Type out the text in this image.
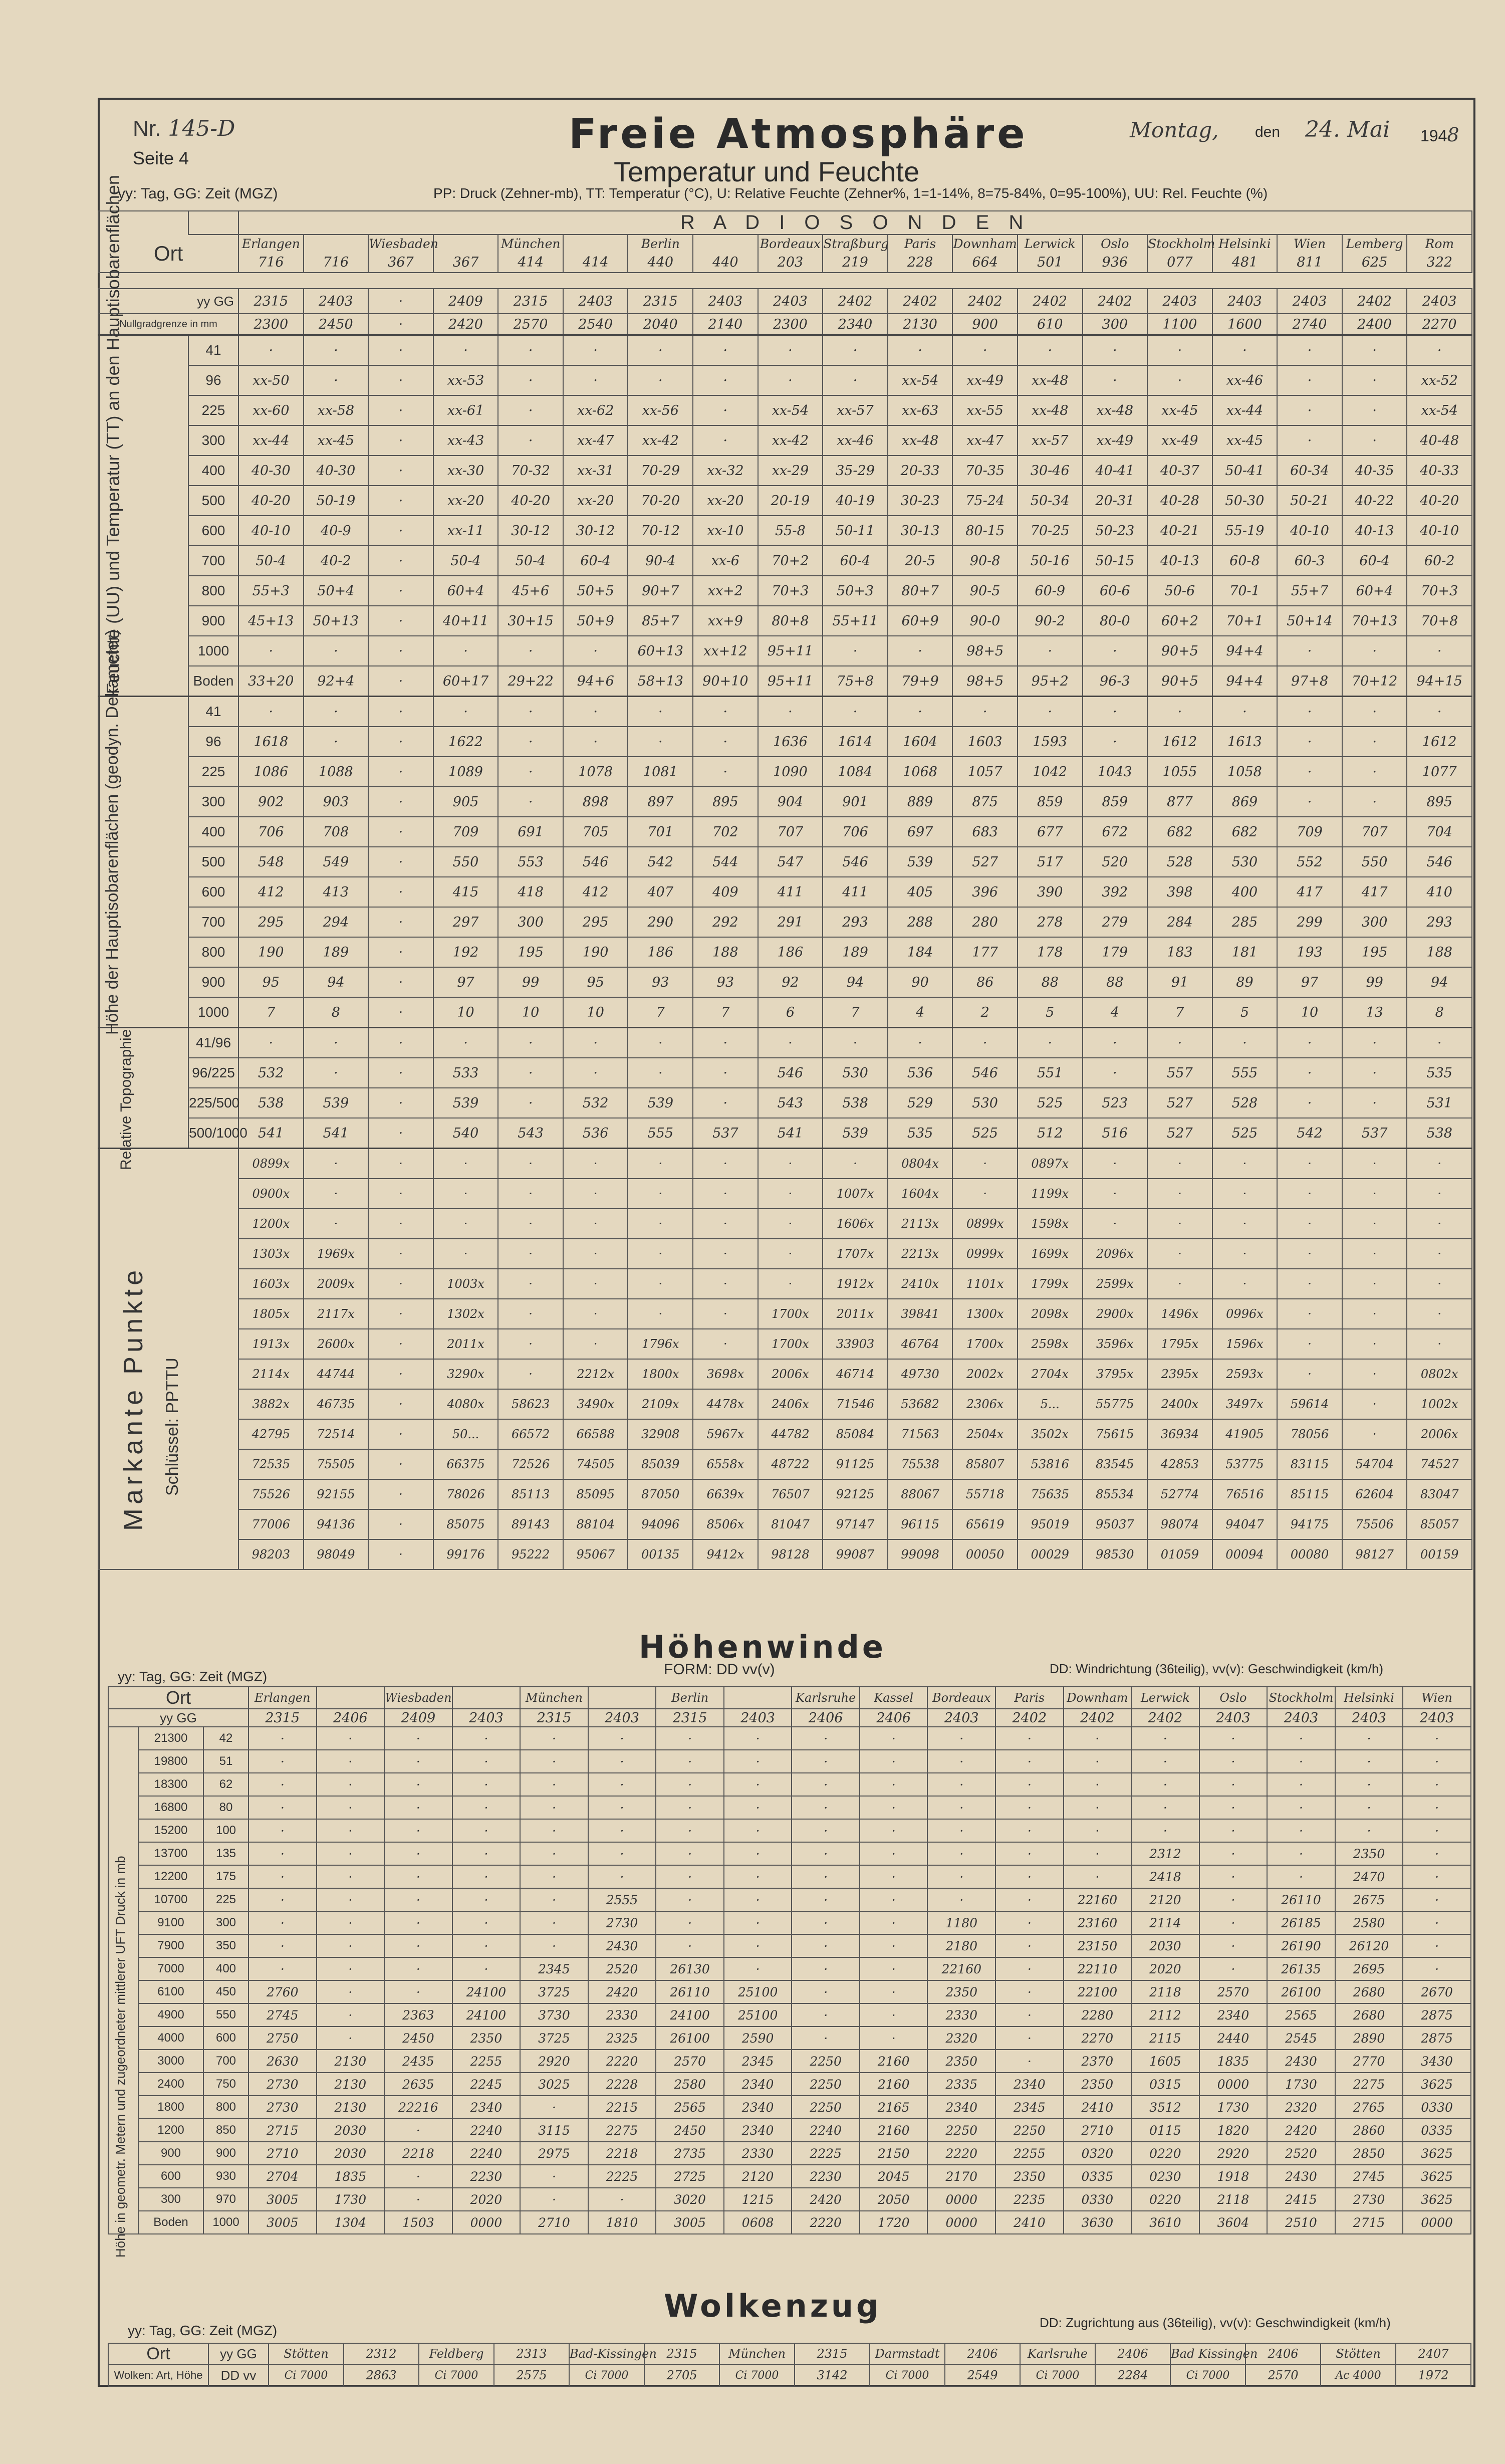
Nr. 145-D
Seite 4
Freie Atmosphäre
Temperatur und Feuchte
Montag, den 24. Mai 1948
yy: Tag, GG: Zeit (MGZ)	PP: Druck (Zehner-mb), TT: Temperatur (°C), U: Relative Feuchte (Zehner%, 1=1-14%, 8=75-84%, 0=95-100%), UU: Rel. Feuchte (%)
		R A D I O S O N D E N																		
Ort		Erlangen		Wiesbaden		München		Berlin		Bordeaux	Straßburg	Paris	Downham	Lerwick	Oslo	Stockholm	Helsinki	Wien	Lemberg	Rom
		716	716	367	367	414	414	440	440	203	219	228	664	501	936	077	481	811	625	322
yy GG		2315	2403	·	2409	2315	2403	2315	2403	2403	2402	2402	2402	2402	2402	2403	2403	2403	2402	2403
Nullgradgrenze in mm		2300	2450	·	2420	2570	2540	2040	2140	2300	2340	2130	900	610	300	1100	1600	2740	2400	2270
	41	·	·	·	·	·	·	·	·	·	·	·	·	·	·	·	·	·	·	·
	96	xx-50	·	·	xx-53	·	·	·	·	·	·	xx-54	xx-49	xx-48	·	·	xx-46	·	·	xx-52
	225	xx-60	xx-58	·	xx-61	·	xx-62	xx-56	·	xx-54	xx-57	xx-63	xx-55	xx-48	xx-48	xx-45	xx-44	·	·	xx-54
	300	xx-44	xx-45	·	xx-43	·	xx-47	xx-42	·	xx-42	xx-46	xx-48	xx-47	xx-57	xx-49	xx-49	xx-45	·	·	40-48
	400	40-30	40-30	·	xx-30	70-32	xx-31	70-29	xx-32	xx-29	35-29	20-33	70-35	30-46	40-41	40-37	50-41	60-34	40-35	40-33
	500	40-20	50-19	·	xx-20	40-20	xx-20	70-20	xx-20	20-19	40-19	30-23	75-24	50-34	20-31	40-28	50-30	50-21	40-22	40-20
	600	40-10	40-9	·	xx-11	30-12	30-12	70-12	xx-10	55-8	50-11	30-13	80-15	70-25	50-23	40-21	55-19	40-10	40-13	40-10
	700	50-4	40-2	·	50-4	50-4	60-4	90-4	xx-6	70+2	60-4	20-5	90-8	50-16	50-15	40-13	60-8	60-3	60-4	60-2
	800	55+3	50+4	·	60+4	45+6	50+5	90+7	xx+2	70+3	50+3	80+7	90-5	60-9	60-6	50-6	70-1	55+7	60+4	70+3
	900	45+13	50+13	·	40+11	30+15	50+9	85+7	xx+9	80+8	55+11	60+9	90-0	90-2	80-0	60+2	70+1	50+14	70+13	70+8
	1000	·	·	·	·	·	·	60+13	xx+12	95+11	·	·	98+5	·	·	90+5	94+4	·	·	·
	Boden	33+20	92+4	·	60+17	29+22	94+6	58+13	90+10	95+11	75+8	79+9	98+5	95+2	96-3	90+5	94+4	97+8	70+12	94+15
	41	·	·	·	·	·	·	·	·	·	·	·	·	·	·	·	·	·	·	·
	96	1618	·	·	1622	·	·	·	·	1636	1614	1604	1603	1593	·	1612	1613	·	·	1612
	225	1086	1088	·	1089	·	1078	1081	·	1090	1084	1068	1057	1042	1043	1055	1058	·	·	1077
	300	902	903	·	905	·	898	897	895	904	901	889	875	859	859	877	869	·	·	895
	400	706	708	·	709	691	705	701	702	707	706	697	683	677	672	682	682	709	707	704
	500	548	549	·	550	553	546	542	544	547	546	539	527	517	520	528	530	552	550	546
	600	412	413	·	415	418	412	407	409	411	411	405	396	390	392	398	400	417	417	410
	700	295	294	·	297	300	295	290	292	291	293	288	280	278	279	284	285	299	300	293
	800	190	189	·	192	195	190	186	188	186	189	184	177	178	179	183	181	193	195	188
	900	95	94	·	97	99	95	93	93	92	94	90	86	88	88	91	89	97	99	94
	1000	7	8	·	10	10	10	7	7	6	7	4	2	5	4	7	5	10	13	8
	41/96	·	·	·	·	·	·	·	·	·	·	·	·	·	·	·	·	·	·	·
	96/225	532	·	·	533	·	·	·	·	546	530	536	546	551	·	557	555	·	·	535
	225/500	538	539	·	539	·	532	539	·	543	538	529	530	525	523	527	528	·	·	531
	500/1000	541	541	·	540	543	536	555	537	541	539	535	525	512	516	527	525	542	537	538
		0899x	·	·	·	·	·	·	·	·	·	0804x	·	0897x	·	·	·	·	·	·
		0900x	·	·	·	·	·	·	·	·	1007x	1604x	·	1199x	·	·	·	·	·	·
		1200x	·	·	·	·	·	·	·	·	1606x	2113x	0899x	1598x	·	·	·	·	·	·
		1303x	1969x	·	·	·	·	·	·	·	1707x	2213x	0999x	1699x	2096x	·	·	·	·	·
		1603x	2009x	·	1003x	·	·	·	·	·	1912x	2410x	1101x	1799x	2599x	·	·	·	·	·
		1805x	2117x	·	1302x	·	·	·	·	1700x	2011x	39841	1300x	2098x	2900x	1496x	0996x	·	·	·
		1913x	2600x	·	2011x	·	·	1796x	·	1700x	33903	46764	1700x	2598x	3596x	1795x	1596x	·	·	·
		2114x	44744	·	3290x	·	2212x	1800x	3698x	2006x	46714	49730	2002x	2704x	3795x	2395x	2593x	·	·	0802x
		3882x	46735	·	4080x	58623	3490x	2109x	4478x	2406x	71546	53682	2306x	5...	55775	2400x	3497x	59614	·	1002x
		42795	72514	·	50...	66572	66588	32908	5967x	44782	85084	71563	2504x	3502x	75615	36934	41905	78056	·	2006x
		72535	75505	·	66375	72526	74505	85039	6558x	48722	91125	75538	85807	53816	83545	42853	53775	83115	54704	74527
		75526	92155	·	78026	85113	85095	87050	6639x	76507	92125	88067	55718	75635	85534	52774	76516	85115	62604	83047
		77006	94136	·	85075	89143	88104	94096	8506x	81047	97147	96115	65619	95019	95037	98074	94047	94175	75506	85057
		98203	98049	·	99176	95222	95067	00135	9412x	98128	99087	99098	00050	00029	98530	01059	00094	00080	98127	00159
Feuchte (UU) und Temperatur (TT) an den Hauptisobarenflächen
Höhe der Hauptisobarenflächen (geodyn. Dekameter)
Relative Topographie
Markante Punkte Schlüssel: PPTTU
Höhenwinde
FORM: DD vv(v)
yy: Tag, GG: Zeit (MGZ)	DD: Windrichtung (36teilig), vv(v): Geschwindigkeit (km/h)
Ort			Erlangen		Wiesbaden		München		Berlin		Karlsruhe	Kassel	Bordeaux	Paris	Downham	Lerwick	Oslo	Stockholm	Helsinki	Wien
yy GG			2315	2406	2409	2403	2315	2403	2315	2403	2406	2406	2403	2402	2402	2402	2403	2403	2403	2403
	21300	42	·	·	·	·	·	·	·	·	·	·	·	·	·	·	·	·	·	·
	19800	51	·	·	·	·	·	·	·	·	·	·	·	·	·	·	·	·	·	·
	18300	62	·	·	·	·	·	·	·	·	·	·	·	·	·	·	·	·	·	·
	16800	80	·	·	·	·	·	·	·	·	·	·	·	·	·	·	·	·	·	·
	15200	100	·	·	·	·	·	·	·	·	·	·	·	·	·	·	·	·	·	·
	13700	135	·	·	·	·	·	·	·	·	·	·	·	·	·	2312	·	·	2350	·
	12200	175	·	·	·	·	·	·	·	·	·	·	·	·	·	2418	·	·	2470	·
	10700	225	·	·	·	·	·	2555	·	·	·	·	·	·	22160	2120	·	26110	2675	·
	9100	300	·	·	·	·	·	2730	·	·	·	·	1180	·	23160	2114	·	26185	2580	·
	7900	350	·	·	·	·	·	2430	·	·	·	·	2180	·	23150	2030	·	26190	26120	·
	7000	400	·	·	·	·	2345	2520	26130	·	·	·	22160	·	22110	2020	·	26135	2695	·
	6100	450	2760	·	·	24100	3725	2420	26110	25100	·	·	2350	·	22100	2118	2570	26100	2680	2670
	4900	550	2745	·	2363	24100	3730	2330	24100	25100	·	·	2330	·	2280	2112	2340	2565	2680	2875
	4000	600	2750	·	2450	2350	3725	2325	26100	2590	·	·	2320	·	2270	2115	2440	2545	2890	2875
	3000	700	2630	2130	2435	2255	2920	2220	2570	2345	2250	2160	2350	·	2370	1605	1835	2430	2770	3430
	2400	750	2730	2130	2635	2245	3025	2228	2580	2340	2250	2160	2335	2340	2350	0315	0000	1730	2275	3625
	1800	800	2730	2130	22216	2340	·	2215	2565	2340	2250	2165	2340	2345	2410	3512	1730	2320	2765	0330
	1200	850	2715	2030	·	2240	3115	2275	2450	2340	2240	2160	2250	2250	2710	0115	1820	2420	2860	0335
	900	900	2710	2030	2218	2240	2975	2218	2735	2330	2225	2150	2220	2255	0320	0220	2920	2520	2850	3625
	600	930	2704	1835	·	2230	·	2225	2725	2120	2230	2045	2170	2350	0335	0230	1918	2430	2745	3625
	300	970	3005	1730	·	2020	·	·	3020	1215	2420	2050	0000	2235	0330	0220	2118	2415	2730	3625
	Boden	1000	3005	1304	1503	0000	2710	1810	3005	0608	2220	1720	0000	2410	3630	3610	3604	2510	2715	0000
Höhe in geometr. Metern und zugeordneter mittlerer UFT Druck in mb
Wolkenzug
yy: Tag, GG: Zeit (MGZ)	DD: Zugrichtung aus (36teilig), vv(v): Geschwindigkeit (km/h)
Ort	yy GG	Stötten	2312	Feldberg	2313	Bad-Kissingen	2315	München	2315	Darmstadt	2406	Karlsruhe	2406	Bad Kissingen	2406	Stötten	2407
Wolken: Art, Höhe	DD vv	Ci 7000	2863	Ci 7000	2575	Ci 7000	2705	Ci 7000	3142	Ci 7000	2549	Ci 7000	2284	Ci 7000	2570	Ac 4000	1972
